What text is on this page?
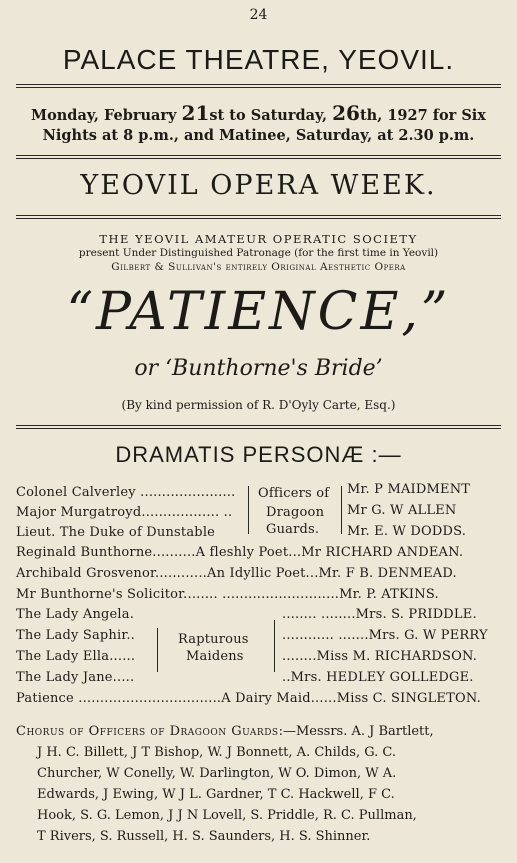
24
PALACE THEATRE, YEOVIL.
Monday, February 21st to Saturday, 26th, 1927 for Six
Nights at 8 p.m., and Matinee, Saturday, at 2.30 p.m.
YEOVIL OPERA WEEK.
THE YEOVIL AMATEUR OPERATIC SOCIETY
present Under Distinguished Patronage (for the first time in Yeovil)
Gilbert & Sullivan's entirely Original Aesthetic Opera
“PATIENCE,”
or ‘Bunthorne's Bride’
(By kind permission of R. D'Oyly Carte, Esq.)
DRAMATIS PERSONÆ :—
Colonel Calverley ......................	Mr. P MAIDMENT
Major Murgatroyd.................. ..	Mr G. W ALLEN
Lieut. The Duke of Dunstable	Mr. E. W DODDS.
Officers of
Dragoon
Guards.
Reginald Bunthorne..........A fleshly Poet...Mr RICHARD ANDEAN.
Archibald Grosvenor............An Idyllic Poet...Mr. F B. DENMEAD.
Mr Bunthorne's Solicitor........ ...........................Mr. P. ATKINS.
The Lady Angela.	........ ........Mrs. S. PRIDDLE.
The Lady Saphir..	............ .......Mrs. G. W PERRY
The Lady Ella......	........Miss M. RICHARDSON.
The Lady Jane.....	..Mrs. HEDLEY GOLLEDGE.
Rapturous
Maidens
Patience .................................A Dairy Maid......Miss C. SINGLETON.
Chorus of Officers of Dragoon Guards:—Messrs. A. J Bartlett,
J H. C. Billett, J T Bishop, W. J Bonnett, A. Childs, G. C.
Churcher, W Conelly, W. Darlington, W O. Dimon, W A.
Edwards, J Ewing, W J L. Gardner, T C. Hackwell, F C.
Hook, S. G. Lemon, J J N Lovell, S. Priddle, R. C. Pullman,
T Rivers, S. Russell, H. S. Saunders, H. S. Shinner.
